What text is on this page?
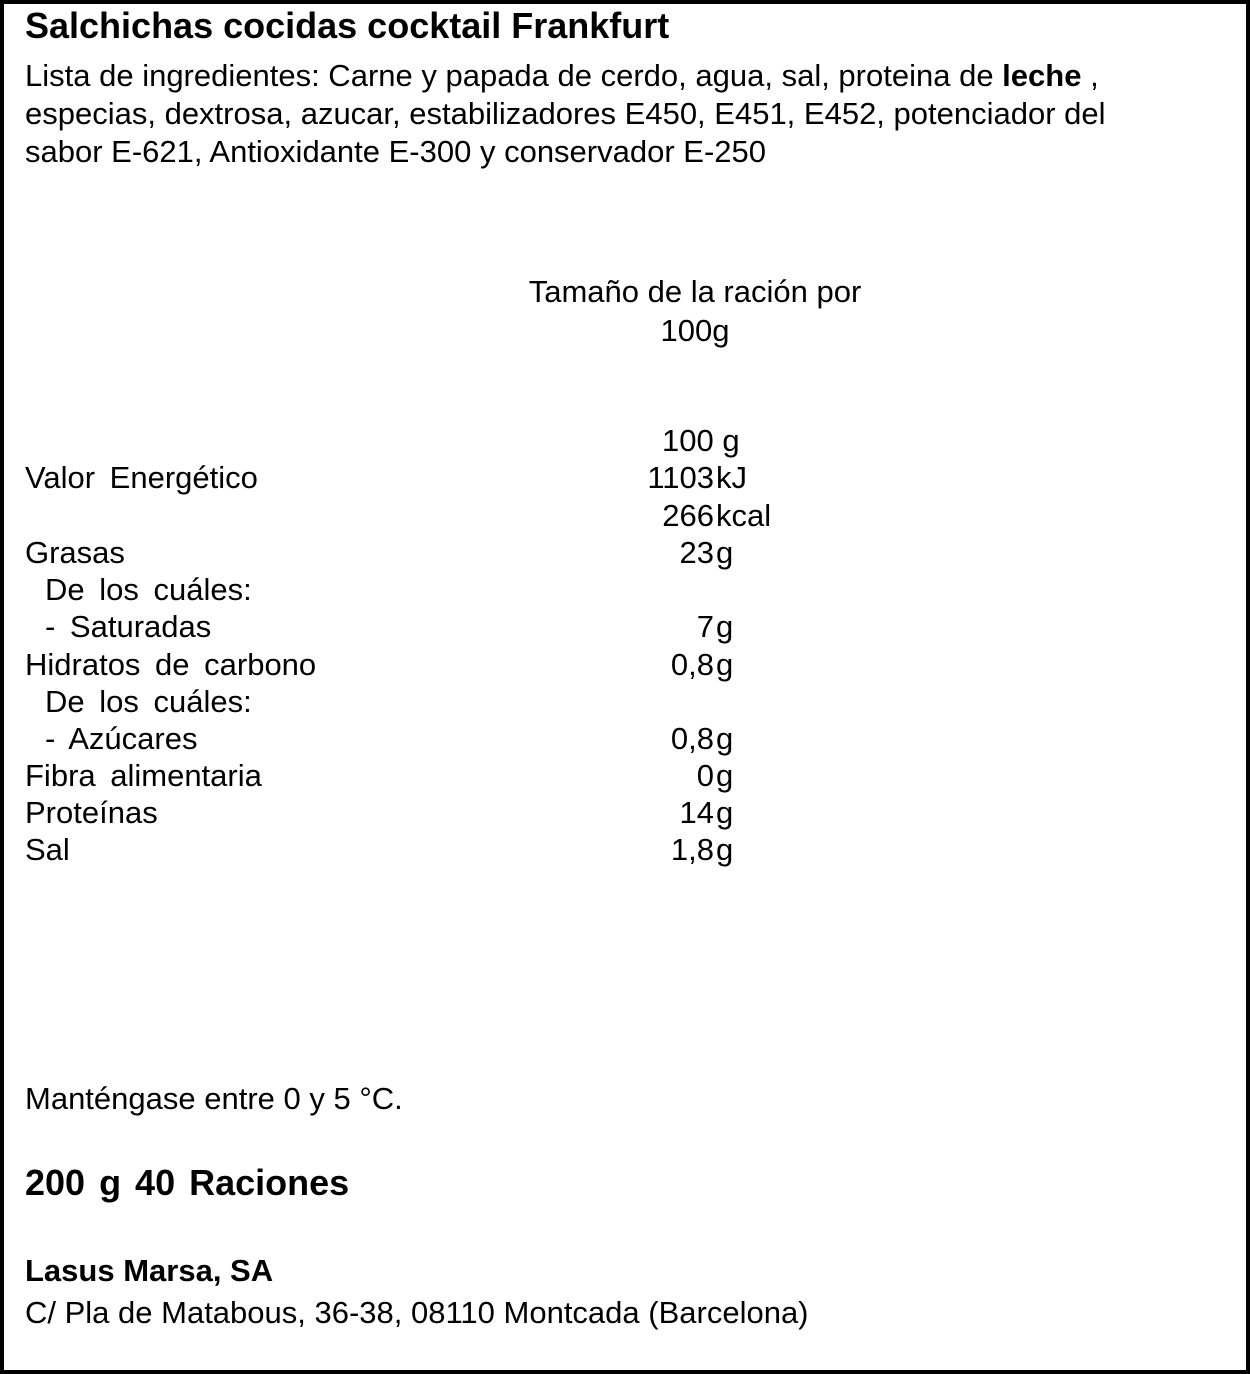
Salchichas cocidas cocktail Frankfurt
Lista de ingredientes: Carne y papada de cerdo, agua, sal, proteina de leche ,
especias, dextrosa, azucar, estabilizadores E450, E451, E452, potenciador del
sabor E-621, Antioxidante E-300 y conservador E-250
Tamaño de la ración por
100g
100 g
Valor Energético	1103 kJ
266 kcal
Grasas	23 g
De los cuáles:
- Saturadas	7 g
Hidratos de carbono	0,8 g
De los cuáles:
- Azúcares	0,8 g
Fibra alimentaria	0 g
Proteínas	14 g
Sal	1,8 g
Manténgase entre 0 y 5 °C.
200 g 40 Raciones
Lasus Marsa, SA
C/ Pla de Matabous, 36-38, 08110 Montcada (Barcelona)
